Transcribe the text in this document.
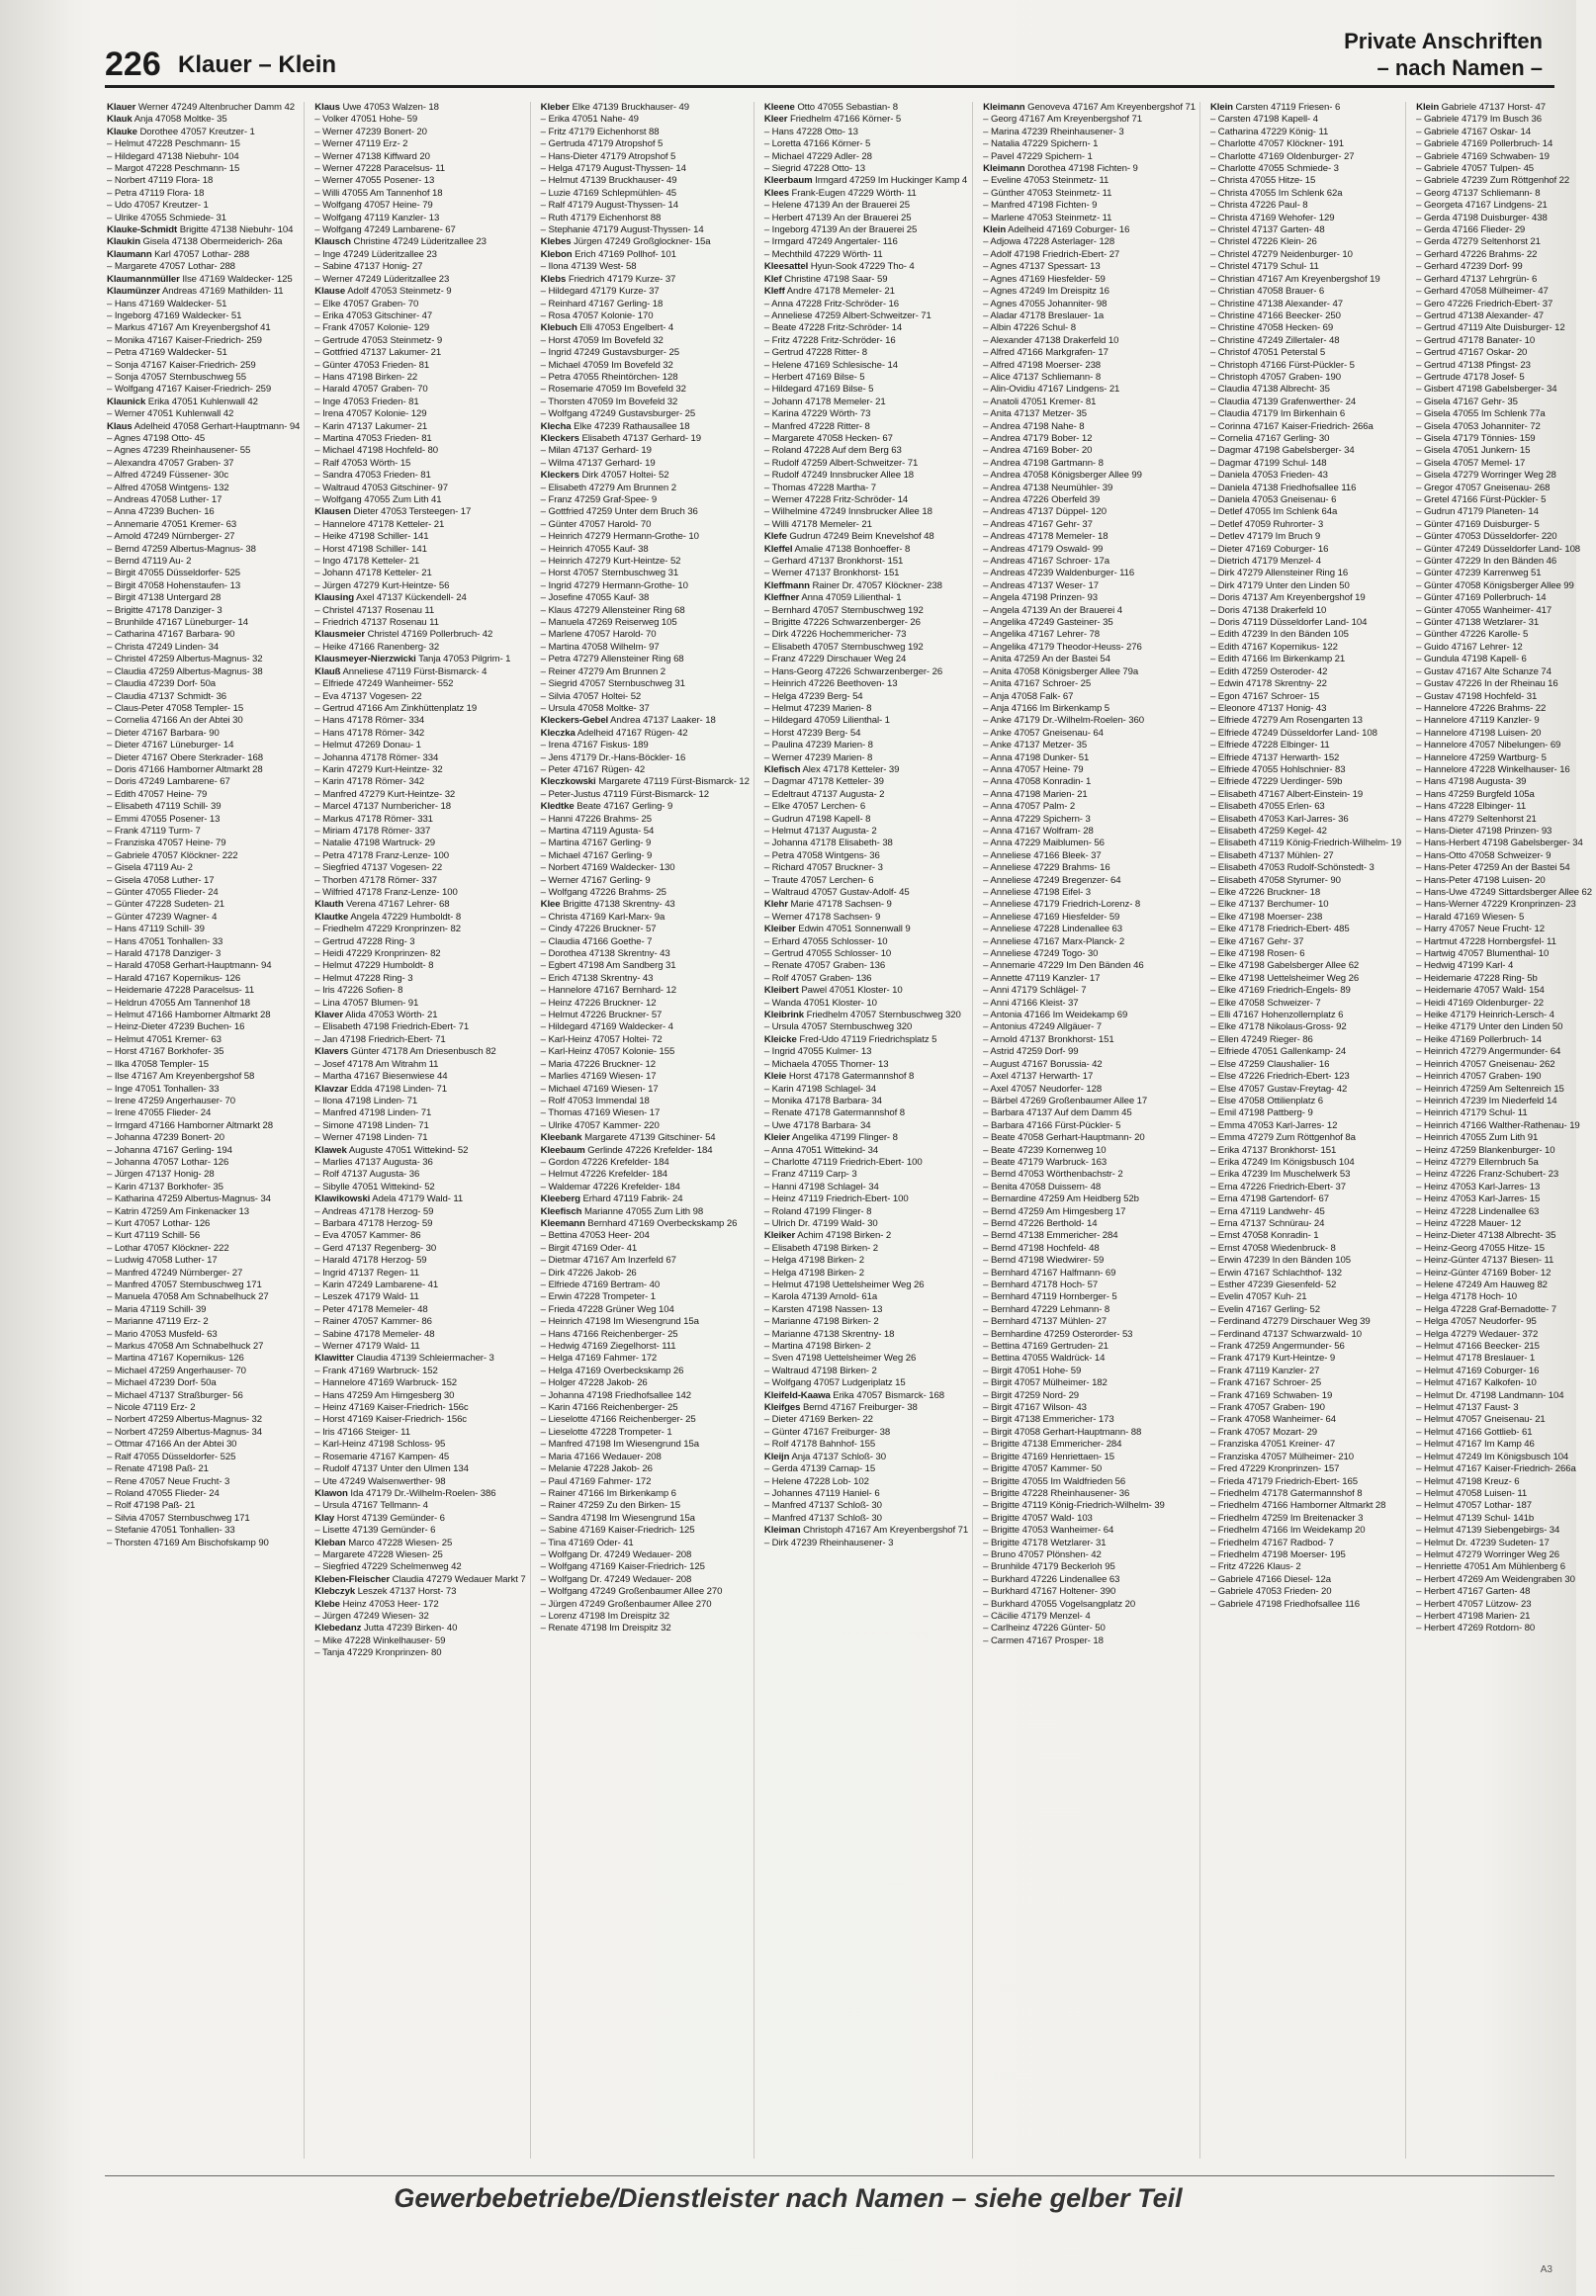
226 Klauer – Klein
Private Anschriften
– nach Namen –
Klauer Werner 47249 Altenbrucher Damm 42
Klauk Anja 47058 Moltke- 35
Klauke Dorothee 47057 Kreutzer- 1
– Helmut 47228 Peschmann- 15
– Hildegard 47138 Niebuhr- 104
– Margot 47228 Peschmann- 15
– Norbert 47119 Flora- 18
– Petra 47119 Flora- 18
– Udo 47057 Kreutzer- 1
– Ulrike 47055 Schmiede- 31
Klauke-Schmidt Brigitte 47138 Niebuhr- 104
Klaukin Gisela 47138 Obermeiderich- 26a
Klaumann Karl 47057 Lothar- 288
– Margarete 47057 Lothar- 288
Klaumannmüller Ilse 47169 Waldecker- 125
Klaumünzer Andreas 47169 Mathilden- 11
– Hans 47169 Waldecker- 51
– Ingeborg 47169 Waldecker- 51
– Markus 47167 Am Kreyenbergshof 41
– Monika 47167 Kaiser-Friedrich- 259
– Petra 47169 Waldecker- 51
– Sonja 47167 Kaiser-Friedrich- 259
– Sonja 47057 Sternbuschweg 55
– Wolfgang 47167 Kaiser-Friedrich- 259
Klaunick Erika 47051 Kuhlenwall 42
– Werner 47051 Kuhlenwall 42
Klaus Adelheid 47058 Gerhart-Hauptmann- 94
– Agnes 47198 Otto- 45
– Agnes 47239 Rheinhausener- 55
– Alexandra 47057 Graben- 37
– Alfred 47249 Füssener- 30c
– Alfred 47058 Wintgens- 132
– Andreas 47058 Luther- 17
– Anna 47239 Buchen- 16
– Annemarie 47051 Kremer- 63
– Arnold 47249 Nürnberger- 27
– Bernd 47259 Albertus-Magnus- 38
– Bernd 47119 Au- 2
– Birgit 47055 Düsseldorfer- 525
– Birgit 47058 Hohenstaufen- 13
– Birgit 47138 Untergard 28
– Brigitte 47178 Danziger- 3
– Brunhilde 47167 Lüneburger- 14
– Catharina 47167 Barbara- 90
– Christa 47249 Linden- 34
– Christel 47259 Albertus-Magnus- 32
– Claudia 47259 Albertus-Magnus- 38
– Claudia 47239 Dorf- 50a
– Claudia 47137 Schmidt- 36
– Claus-Peter 47058 Templer- 15
– Cornelia 47166 An der Abtei 30
– Dieter 47167 Barbara- 90
– Dieter 47167 Lüneburger- 14
– Dieter 47167 Obere Sterkrader- 168
– Doris 47166 Hamborner Altmarkt 28
– Doris 47249 Lambarene- 67
– Edith 47057 Heine- 79
– Elisabeth 47119 Schill- 39
– Emmi 47055 Posener- 13
– Frank 47119 Turm- 7
– Franziska 47057 Heine- 79
– Gabriele 47057 Klöckner- 222
– Gisela 47119 Au- 2
– Gisela 47058 Luther- 17
– Günter 47055 Flieder- 24
– Günter 47228 Sudeten- 21
– Günter 47239 Wagner- 4
– Hans 47119 Schill- 39
– Hans 47051 Tonhallen- 33
– Harald 47178 Danziger- 3
– Harald 47058 Gerhart-Hauptmann- 94
– Harald 47167 Kopernikus- 126
– Heidemarie 47228 Paracelsus- 11
– Heldrun 47055 Am Tannenhof 18
– Helmut 47166 Hamborner Altmarkt 28
– Heinz-Dieter 47239 Buchen- 16
– Helmut 47051 Kremer- 63
– Horst 47167 Borkhofer- 35
– Ilka 47058 Templer- 15
– Ilse 47167 Am Kreyenbergshof 58
– Inge 47051 Tonhallen- 33
– Irene 47259 Angerhauser- 70
– Irene 47055 Flieder- 24
– Irmgard 47166 Hamborner Altmarkt 28
– Johanna 47239 Bonert- 20
– Johanna 47167 Gerling- 194
– Johanna 47057 Lothar- 126
– Jürgen 47137 Honig- 28
– Karin 47137 Borkhofer- 35
– Katharina 47259 Albertus-Magnus- 34
– Katrin 47259 Am Finkenacker 13
– Kurt 47057 Lothar- 126
– Kurt 47119 Schill- 56
– Lothar 47057 Klöckner- 222
– Ludwig 47058 Luther- 17
– Manfred 47249 Nürnberger- 27
– Manfred 47057 Sternbuschweg 171
– Manuela 47058 Am Schnabelhuck 27
– Maria 47119 Schill- 39
– Marianne 47119 Erz- 2
– Mario 47053 Musfeld- 63
– Markus 47058 Am Schnabelhuck 27
– Martina 47167 Kopernikus- 126
– Michael 47259 Angerhauser- 70
– Michael 47239 Dorf- 50a
– Michael 47137 Straßburger- 56
– Nicole 47119 Erz- 2
– Norbert 47259 Albertus-Magnus- 32
– Norbert 47259 Albertus-Magnus- 34
– Ottmar 47166 An der Abtei 30
– Ralf 47055 Düsseldorfer- 525
– Renate 47198 Paß- 21
– Rene 47057 Neue Frucht- 3
– Roland 47055 Flieder- 24
– Rolf 47198 Paß- 21
– Silvia 47057 Sternbuschweg 171
– Stefanie 47051 Tonhallen- 33
– Thorsten 47169 Am Bischofskamp 90
Klaus Uwe 47053 Walzen- 18
– Volker 47051 Hohe- 59
– Werner 47239 Bonert- 20
– Werner 47119 Erz- 2
– Werner 47138 Kiffward 20
– Werner 47228 Paracelsus- 11
– Werner 47055 Posener- 13
– Willi 47055 Am Tannenhof 18
– Wolfgang 47057 Heine- 79
– Wolfgang 47119 Kanzler- 13
– Wolfgang 47249 Lambarene- 67
Klausch Christine 47249 Lüderitzallee 23
– Inge 47249 Lüderitzallee 23
– Sabine 47137 Honig- 27
– Werner 47249 Lüderitzallee 23
Klause Adolf 47053 Steinmetz- 9
– Elke 47057 Graben- 70
– Erika 47053 Gitschiner- 47
– Frank 47057 Kolonie- 129
– Gertrude 47053 Steinmetz- 9
– Gottfried 47137 Lakumer- 21
– Günter 47053 Frieden- 81
– Hans 47198 Birken- 22
– Harald 47057 Graben- 70
– Inge 47053 Frieden- 81
– Irena 47057 Kolonie- 129
– Karin 47137 Lakumer- 21
– Martina 47053 Frieden- 81
– Michael 47198 Hochfeld- 80
– Ralf 47053 Wörth- 15
– Sandra 47053 Frieden- 81
– Waltraud 47053 Gitschiner- 97
– Wolfgang 47055 Zum Lith 41
Klausen Dieter 47053 Tersteegen- 17
– Hannelore 47178 Ketteler- 21
– Heike 47198 Schiller- 141
– Horst 47198 Schiller- 141
– Ingo 47178 Ketteler- 21
– Johann 47178 Ketteler- 21
– Jürgen 47279 Kurt-Heintze- 56
Klausing Axel 47137 Kückendell- 24
– Christel 47137 Rosenau 11
– Friedrich 47137 Rosenau 11
Klausmeier Christel 47169 Pollerbruch- 42
– Heike 47166 Ranenberg- 32
Klausmeyer-Nierzwicki Tanja 47053 Pilgrim- 1
Klauß Anneliese 47119 Fürst-Bismarck- 4
– Elfriede 47249 Wanheimer- 552
– Eva 47137 Vogesen- 22
– Gertrud 47166 Am Zinkhüttenplatz 19
– Hans 47178 Römer- 334
– Hans 47178 Römer- 342
– Helmut 47269 Donau- 1
– Johanna 47178 Römer- 334
– Karin 47279 Kurt-Heintze- 32
– Karin 47178 Römer- 342
– Manfred 47279 Kurt-Heintze- 32
– Marcel 47137 Nurnbericher- 18
– Markus 47178 Römer- 331
– Miriam 47178 Römer- 337
– Natalie 47198 Wartruck- 29
– Petra 47178 Franz-Lenze- 100
– Siegfried 47137 Vogesen- 22
– Thorben 47178 Römer- 337
– Wilfried 47178 Franz-Lenze- 100
Klauth Verena 47167 Lehrer- 68
Klautke Angela 47229 Humboldt- 8
– Friedhelm 47229 Kronprinzen- 82
– Gertrud 47228 Ring- 3
– Heidi 47229 Kronprinzen- 82
– Helmut 47229 Humboldt- 8
– Helmut 47228 Ring- 3
– Iris 47226 Sofien- 8
– Lina 47057 Blumen- 91
Klaver Alida 47053 Wörth- 21
– Elisabeth 47198 Friedrich-Ebert- 71
– Jan 47198 Friedrich-Ebert- 71
Klavers Günter 47178 Am Driesenbusch 82
– Josef 47178 Am Witrahm 11
– Martha 47167 Biesenwiese 44
Klavzar Edda 47198 Linden- 71
– Ilona 47198 Linden- 71
– Manfred 47198 Linden- 71
– Simone 47198 Linden- 71
– Werner 47198 Linden- 71
Klawek Auguste 47051 Wittekind- 52
– Marlies 47137 Augusta- 36
– Rolf 47137 Augusta- 36
– Sibylle 47051 Wittekind- 52
Klawikowski Adela 47179 Wald- 11
– Andreas 47178 Herzog- 59
– Barbara 47178 Herzog- 59
– Eva 47057 Kammer- 86
– Gerd 47137 Regenberg- 30
– Harald 47178 Herzog- 59
– Ingrid 47137 Regen- 11
– Karin 47249 Lambarene- 41
– Leszek 47179 Wald- 11
– Peter 47178 Memeler- 48
– Rainer 47057 Kammer- 86
– Sabine 47178 Memeler- 48
– Werner 47179 Wald- 11
Klawitter Claudia 47139 Schleiermacher- 3
– Frank 47169 Warbruck- 152
– Hannelore 47169 Warbruck- 152
– Hans 47259 Am Himgesberg 30
– Heinz 47169 Kaiser-Friedrich- 156c
– Horst 47169 Kaiser-Friedrich- 156c
– Iris 47166 Steiger- 11
– Karl-Heinz 47198 Schloss- 95
– Rosemarie 47167 Kampen- 45
– Rudolf 47137 Unter den Ulmen 134
– Ute 47249 Walsenwerther- 98
Klawon Ida 47179 Dr.-Wilhelm-Roelen- 386
– Ursula 47167 Tellmann- 4
Klay Horst 47139 Gemünder- 6
– Lisette 47139 Gemünder- 6
Kleban Marco 47228 Wiesen- 25
– Margarete 47228 Wiesen- 25
– Siegfried 47229 Schelmenweg 42
Kleben-Fleischer Claudia 47279 Wedauer Markt 7
Klebczyk Leszek 47137 Horst- 73
Klebe Heinz 47053 Heer- 172
– Jürgen 47249 Wiesen- 32
Klebedanz Jutta 47239 Birken- 40
– Mike 47228 Winkelhauser- 59
– Tanja 47229 Kronprinzen- 80
Kleber Elke 47139 Bruckhauser- 49
– Erika 47051 Nahe- 49
– Fritz 47179 Eichenhorst 88
– Gertruda 47179 Atropshof 5
– Hans-Dieter 47179 Atropshof 5
– Helga 47179 August-Thyssen- 14
– Helmut 47139 Bruckhauser- 49
– Luzie 47169 Schlepmühlen- 45
– Ralf 47179 August-Thyssen- 14
– Ruth 47179 Eichenhorst 88
– Stephanie 47179 August-Thyssen- 14
Klebes Jürgen 47249 Großglockner- 15a
Klebon Erich 47169 Pollhof- 101
– Ilona 47139 West- 58
Klebs Friedrich 47179 Kurze- 37
– Hildegard 47179 Kurze- 37
– Reinhard 47167 Gerling- 18
– Rosa 47057 Kolonie- 170
Klebuch Elli 47053 Engelbert- 4
– Horst 47059 Im Bovefeld 32
– Ingrid 47249 Gustavsburger- 25
– Michael 47059 Im Bovefeld 32
– Petra 47055 Rheintörchen- 128
– Rosemarie 47059 Im Bovefeld 32
– Thorsten 47059 Im Bovefeld 32
– Wolfgang 47249 Gustavsburger- 25
Klecha Elke 47239 Rathausallee 18
Kleckers Elisabeth 47137 Gerhard- 19
– Milan 47137 Gerhard- 19
– Wilma 47137 Gerhard- 19
Kleckers Dirk 47057 Holtei- 52
– Elisabeth 47279 Am Brunnen 2
– Franz 47259 Graf-Spee- 9
– Gottfried 47259 Unter dem Bruch 36
– Günter 47057 Harold- 70
– Heinrich 47279 Hermann-Grothe- 10
– Heinrich 47055 Kauf- 38
– Heinrich 47279 Kurt-Heintze- 52
– Horst 47057 Sternbuschweg 31
– Ingrid 47279 Hermann-Grothe- 10
– Josefine 47055 Kauf- 38
– Klaus 47279 Allensteiner Ring 68
– Manuela 47269 Reiserweg 105
– Marlene 47057 Harold- 70
– Martina 47058 Wilhelm- 97
– Petra 47279 Allensteiner Ring 68
– Reiner 47279 Am Brunnen 2
– Siegrid 47057 Sternbuschweg 31
– Silvia 47057 Holtei- 52
– Ursula 47058 Moltke- 37
Kleckers-Gebel Andrea 47137 Laaker- 18
Kleczka Adelheid 47167 Rügen- 42
– Irena 47167 Fiskus- 189
– Jens 47179 Dr.-Hans-Böckler- 16
– Peter 47167 Rügen- 42
Kleczkowski Margarete 47119 Fürst-Bismarck- 12
– Peter-Justus 47119 Fürst-Bismarck- 12
Kledtke Beate 47167 Gerling- 9
– Hanni 47226 Brahms- 25
– Martina 47119 Agusta- 54
– Martina 47167 Gerling- 9
– Michael 47167 Gerling- 9
– Norbert 47169 Waldecker- 130
– Werner 47167 Gerling- 9
– Wolfgang 47226 Brahms- 25
Klee Brigitte 47138 Skrentny- 43
– Christa 47169 Karl-Marx- 9a
– Cindy 47226 Bruckner- 57
– Claudia 47166 Goethe- 7
– Dorothea 47138 Skrentny- 43
– Egbert 47198 Am Sandberg 31
– Erich 47138 Skrentny- 43
– Hannelore 47167 Bernhard- 12
– Heinz 47226 Bruckner- 12
– Helmut 47226 Bruckner- 57
– Hildegard 47169 Waldecker- 4
– Karl-Heinz 47057 Holtei- 72
– Karl-Heinz 47057 Kolonie- 155
– Maria 47226 Bruckner- 12
– Marlies 47169 Wiesen- 17
– Michael 47169 Wiesen- 17
– Rolf 47053 Immendal 18
– Thomas 47169 Wiesen- 17
– Ulrike 47057 Kammer- 220
Kleebank Margarete 47139 Gitschiner- 54
Kleebaum Gerlinde 47226 Krefelder- 184
– Gordon 47226 Krefelder- 184
– Helmut 47226 Krefelder- 184
– Waldemar 47226 Krefelder- 184
Kleeberg Erhard 47119 Fabrik- 24
Kleefisch Marianne 47055 Zum Lith 98
Kleemann Bernhard 47169 Overbeckskamp 26
– Bettina 47053 Heer- 204
– Birgit 47169 Oder- 41
– Dietmar 47167 Am Inzerfeld 67
– Dirk 47226 Jakob- 26
– Elfriede 47169 Bertram- 40
– Erwin 47228 Trompeter- 1
– Frieda 47228 Grüner Weg 104
– Heinrich 47198 Im Wiesengrund 15a
– Hans 47166 Reichenberger- 25
– Hedwig 47169 Ziegelhorst- 111
– Helga 47169 Fahmer- 172
– Helga 47169 Overbeckskamp 26
– Holger 47228 Jakob- 26
– Johanna 47198 Friedhofsallee 142
– Karin 47166 Reichenberger- 25
– Lieselotte 47166 Reichenberger- 25
– Lieselotte 47228 Trompeter- 1
– Manfred 47198 Im Wiesengrund 15a
– Maria 47166 Wedauer- 208
– Melanie 47228 Jakob- 26
– Paul 47169 Fahmer- 172
– Rainer 47166 Im Birkenkamp 6
– Rainer 47259 Zu den Birken- 15
– Sandra 47198 Im Wiesengrund 15a
– Sabine 47169 Kaiser-Friedrich- 125
– Tina 47169 Oder- 41
– Wolfgang Dr. 47249 Wedauer- 208
– Wolfgang 47169 Kaiser-Friedrich- 125
– Wolfgang Dr. 47249 Wedauer- 208
– Wolfgang 47249 Großenbaumer Allee 270
– Jürgen 47249 Großenbaumer Allee 270
– Lorenz 47198 Im Dreispitz 32
– Renate 47198 Im Dreispitz 32
Kleene Otto 47055 Sebastian- 8
Kleer Friedhelm 47166 Körner- 5
– Hans 47228 Otto- 13
– Loretta 47166 Körner- 5
– Michael 47229 Adler- 28
– Siegrid 47228 Otto- 13
Kleerbaum Irmgard 47259 Im Huckinger Kamp 4
Klees Frank-Eugen 47229 Wörth- 11
– Helene 47139 An der Brauerei 25
– Herbert 47139 An der Brauerei 25
– Ingeborg 47139 An der Brauerei 25
– Irmgard 47249 Angertaler- 116
– Mechthild 47229 Wörth- 11
Kleesattel Hyun-Sook 47229 Tho- 4
Klef Christine 47198 Saar- 59
Kleff Andre 47178 Memeler- 21
– Anna 47228 Fritz-Schröder- 16
– Anneliese 47259 Albert-Schweitzer- 71
– Beate 47228 Fritz-Schröder- 14
– Fritz 47228 Fritz-Schröder- 16
– Gertrud 47228 Ritter- 8
– Helene 47169 Schlesische- 14
– Herbert 47169 Bilse- 5
– Hildegard 47169 Bilse- 5
– Johann 47178 Memeler- 21
– Karina 47229 Wörth- 73
– Manfred 47228 Ritter- 8
– Margarete 47058 Hecken- 67
– Roland 47228 Auf dem Berg 63
– Rudolf 47259 Albert-Schweitzer- 71
– Rudolf 47249 Innsbrucker Allee 18
– Thomas 47228 Martha- 7
– Werner 47228 Fritz-Schröder- 14
– Wilhelmine 47249 Innsbrucker Allee 18
– Willi 47178 Memeler- 21
Klefe Gudrun 47249 Beim Knevelshof 48
Kleffel Amalie 47138 Bonhoeffer- 8
– Gerhard 47137 Bronkhorst- 151
– Werner 47137 Bronkhorst- 151
Kleffmann Rainer Dr. 47057 Klöckner- 238
Kleffner Anna 47059 Lilienthal- 1
– Bernhard 47057 Sternbuschweg 192
– Brigitte 47226 Schwarzenberger- 26
– Dirk 47226 Hochemmericher- 73
– Elisabeth 47057 Sternbuschweg 192
– Franz 47229 Dirschauer Weg 24
– Hans-Georg 47226 Schwarzenberger- 26
– Heinrich 47226 Beethoven- 13
– Helga 47239 Berg- 54
– Helmut 47239 Marien- 8
– Hildegard 47059 Lilienthal- 1
– Horst 47239 Berg- 54
– Paulina 47239 Marien- 8
– Werner 47239 Marien- 8
Klefisch Alex 47178 Ketteler- 39
– Dagmar 47178 Ketteler- 39
– Edeltraut 47137 Augusta- 2
– Elke 47057 Lerchen- 6
– Gudrun 47198 Kapell- 8
– Helmut 47137 Augusta- 2
– Johanna 47178 Elisabeth- 38
– Petra 47058 Wintgens- 36
– Richard 47057 Bruckner- 3
– Traute 47057 Lerchen- 6
– Waltraud 47057 Gustav-Adolf- 45
Klehr Marie 47178 Sachsen- 9
– Werner 47178 Sachsen- 9
Kleiber Edwin 47051 Sonnenwall 9
– Erhard 47055 Schlosser- 10
– Gertrud 47055 Schlosser- 10
– Renate 47057 Graben- 136
– Rolf 47057 Graben- 136
Kleibert Pawel 47051 Kloster- 10
– Wanda 47051 Kloster- 10
Kleibrink Friedhelm 47057 Sternbuschweg 320
– Ursula 47057 Sternbuschweg 320
Kleicke Fred-Udo 47119 Friedrichsplatz 5
– Ingrid 47055 Kulmer- 13
– Michaela 47055 Thorner- 13
Kleie Horst 47178 Gatermannshof 8
– Karin 47198 Schlagel- 34
– Monika 47178 Barbara- 34
– Renate 47178 Gatermannshof 8
– Uwe 47178 Barbara- 34
Kleier Angelika 47199 Flinger- 8
– Anna 47051 Wittekind- 34
– Charlotte 47119 Friedrich-Ebert- 100
– Franz 47119 Carp- 3
– Hanni 47198 Schlagel- 34
– Heinz 47119 Friedrich-Ebert- 100
– Roland 47199 Flinger- 8
– Ulrich Dr. 47199 Wald- 30
Kleiker Achim 47198 Birken- 2
– Elisabeth 47198 Birken- 2
– Helga 47198 Birken- 2
– Helga 47198 Birken- 2
– Helmut 47198 Uettelsheimer Weg 26
– Karola 47139 Arnold- 61a
– Karsten 47198 Nassen- 13
– Marianne 47198 Birken- 2
– Marianne 47138 Skrentny- 18
– Martina 47198 Birken- 2
– Sven 47198 Uettelsheimer Weg 26
– Waltraud 47198 Birken- 2
– Wolfgang 47057 Ludgeriplatz 15
Kleifeld-Kaawa Erika 47057 Bismarck- 168
Kleifges Bernd 47167 Freiburger- 38
– Dieter 47169 Berken- 22
– Günter 47167 Freiburger- 38
– Rolf 47178 Bahnhof- 155
Kleijn Anja 47137 Schloß- 30
– Gerda 47139 Carnap- 15
– Helene 47228 Lob- 102
– Johannes 47119 Haniel- 6
– Manfred 47137 Schloß- 30
– Manfred 47137 Schloß- 30
Kleiman Christoph 47167 Am Kreyenbergshof 71
– Dirk 47239 Rheinhausener- 3
Kleimann Genoveva 47167 Am Kreyenbergshof 71
– Georg 47167 Am Kreyenbergshof 71
– Marina 47239 Rheinhausener- 3
– Natalia 47229 Spichern- 1
– Pavel 47229 Spichern- 1
Kleimann Dorothea 47198 Fichten- 9
– Eveline 47053 Steinmetz- 11
– Günther 47053 Steinmetz- 11
– Manfred 47198 Fichten- 9
– Marlene 47053 Steinmetz- 11
Klein Adelheid 47169 Coburger- 16
– Adjowa 47228 Asterlager- 128
– Adolf 47198 Friedrich-Ebert- 27
– Agnes 47137 Spessart- 13
– Agnes 47169 Hiesfelder- 59
– Agnes 47249 Im Dreispitz 16
– Agnes 47055 Johanniter- 98
– Aladar 47178 Breslauer- 1a
– Albin 47226 Schul- 8
– Alexander 47138 Drakerfeld 10
– Alfred 47166 Markgrafen- 17
– Alfred 47198 Moerser- 238
– Alice 47137 Schliemann- 8
– Alin-Ovidiu 47167 Lindgens- 21
– Anatoli 47051 Kremer- 81
– Anita 47137 Metzer- 35
– Andrea 47198 Nahe- 8
– Andrea 47179 Bober- 12
– Andrea 47169 Bober- 20
– Andrea 47198 Gartmann- 8
– Andrea 47058 Königsberger Allee 99
– Andrea 47138 Neumühler- 39
– Andrea 47226 Oberfeld 39
– Andreas 47137 Düppel- 120
– Andreas 47167 Gehr- 37
– Andreas 47178 Memeler- 18
– Andreas 47179 Oswald- 99
– Andreas 47167 Schroer- 17a
– Andreas 47239 Waldenburger- 116
– Andreas 47137 Weser- 17
– Angela 47198 Prinzen- 93
– Angela 47139 An der Brauerei 4
– Angelika 47249 Gasteiner- 35
– Angelika 47167 Lehrer- 78
– Angelika 47179 Theodor-Heuss- 276
– Anita 47259 An der Bastei 54
– Anita 47058 Königsberger Allee 79a
– Anita 47167 Schroer- 25
– Anja 47058 Falk- 67
– Anja 47166 Im Birkenkamp 5
– Anke 47179 Dr.-Wilhelm-Roelen- 360
– Anke 47057 Gneisenau- 64
– Anke 47137 Metzer- 35
– Anna 47198 Dunker- 51
– Anna 47057 Heine- 79
– Anna 47058 Konradin- 1
– Anna 47198 Marien- 21
– Anna 47057 Palm- 2
– Anna 47229 Spichern- 3
– Anna 47167 Wolfram- 28
– Anna 47229 Maiblumen- 56
– Anneliese 47166 Bleek- 37
– Anneliese 47229 Brahms- 16
– Anneliese 47249 Bregenzer- 64
– Anneliese 47198 Eifel- 3
– Anneliese 47179 Friedrich-Lorenz- 8
– Anneliese 47169 Hiesfelder- 59
– Anneliese 47228 Lindenallee 63
– Anneliese 47167 Marx-Planck- 2
– Anneliese 47249 Togo- 30
– Annemarie 47229 Im Den Bänden 46
– Annette 47119 Kanzler- 17
– Anni 47179 Schlägel- 7
– Anni 47166 Kleist- 37
– Antonia 47166 Im Weidekamp 69
– Antonius 47249 Allgäuer- 7
– Arnold 47137 Bronkhorst- 151
– Astrid 47259 Dorf- 99
– August 47167 Borussia- 42
– Axel 47137 Herwarth- 17
– Axel 47057 Neudorfer- 128
– Bärbel 47269 Großenbaumer Allee 17
– Barbara 47137 Auf dem Damm 45
– Barbara 47166 Fürst-Pückler- 5
– Beate 47058 Gerhart-Hauptmann- 20
– Beate 47239 Kornenweg 10
– Beate 47179 Warbruck- 163
– Bernd 47053 Wörthenbachstr- 2
– Benita 47058 Duissern- 48
– Bernardine 47259 Am Heidberg 52b
– Bernd 47259 Am Himgesberg 17
– Bernd 47226 Berthold- 14
– Bernd 47138 Emmericher- 284
– Bernd 47198 Hochfeld- 48
– Bernd 47198 Wiedwirer- 59
– Bernhard 47167 Halfmann- 69
– Bernhard 47178 Hoch- 57
– Bernhard 47119 Hornberger- 5
– Bernhard 47229 Lehmann- 8
– Bernhard 47137 Mühlen- 27
– Bernhardine 47259 Osterorder- 53
– Bettina 47169 Gertruden- 21
– Bettina 47055 Waldrück- 14
– Birgit 47051 Hohe- 59
– Birgit 47057 Mülheimer- 182
– Birgit 47259 Nord- 29
– Birgit 47167 Wilson- 43
– Birgit 47138 Emmericher- 173
– Birgit 47058 Gerhart-Hauptmann- 88
– Brigitte 47138 Emmericher- 284
– Brigitte 47169 Henriettaen- 15
– Brigitte 47057 Kammer- 50
– Brigitte 47055 Im Waldfrieden 56
– Brigitte 47228 Rheinhausener- 36
– Brigitte 47119 König-Friedrich-Wilhelm- 39
– Brigitte 47057 Wald- 103
– Brigitte 47053 Wanheimer- 64
– Brigitte 47178 Wetzlarer- 31
– Bruno 47057 Plönshen- 42
– Brunhilde 47179 Beckerloh 95
– Burkhard 47226 Lindenallee 63
– Burkhard 47167 Holtener- 390
– Burkhard 47055 Vogelsangplatz 20
– Cäcilie 47179 Menzel- 4
– Carlheinz 47226 Günter- 50
– Carmen 47167 Prosper- 18
Klein Carsten 47119 Friesen- 6
– Carsten 47198 Kapell- 4
– Catharina 47229 König- 11
– Charlotte 47057 Klöckner- 191
– Charlotte 47169 Oldenburger- 27
– Charlotte 47055 Schmiede- 3
– Christa 47055 Hitze- 15
– Christa 47055 Im Schlenk 62a
– Christa 47226 Paul- 8
– Christa 47169 Wehofer- 129
– Christel 47137 Garten- 48
– Christel 47226 Klein- 26
– Christel 47279 Neidenburger- 10
– Christel 47179 Schul- 11
– Christian 47167 Am Kreyenbergshof 19
– Christian 47058 Brauer- 6
– Christine 47138 Alexander- 47
– Christine 47166 Beecker- 250
– Christine 47058 Hecken- 69
– Christine 47249 Zillertaler- 48
– Christof 47051 Peterstal 5
– Christoph 47166 Fürst-Pückler- 5
– Christoph 47057 Graben- 190
– Claudia 47138 Albrecht- 35
– Claudia 47139 Grafenwerther- 24
– Claudia 47179 Im Birkenhain 6
– Corinna 47167 Kaiser-Friedrich- 266a
– Cornelia 47167 Gerling- 30
– Dagmar 47198 Gabelsberger- 34
– Dagmar 47199 Schul- 148
– Daniela 47053 Frieden- 43
– Daniela 47138 Friedhofsallee 116
– Daniela 47053 Gneisenau- 6
– Detlef 47055 Im Schlenk 64a
– Detlef 47059 Ruhrorter- 3
– Detlev 47179 Im Bruch 9
– Dieter 47169 Coburger- 16
– Dietrich 47179 Menzel- 4
– Dirk 47279 Allensteiner Ring 16
– Dirk 47179 Unter den Linden 50
– Doris 47137 Am Kreyenbergshof 19
– Doris 47138 Drakerfeld 10
– Doris 47119 Düsseldorfer Land- 104
– Edith 47239 In den Bänden 105
– Edith 47167 Kopernikus- 122
– Edith 47166 Im Birkenkamp 21
– Edith 47259 Osteroder- 42
– Edwin 47178 Skrentny- 22
– Egon 47167 Schroer- 15
– Eleonore 47137 Honig- 43
– Elfriede 47279 Am Rosengarten 13
– Elfriede 47249 Düsseldorfer Land- 108
– Elfriede 47228 Elbinger- 11
– Elfriede 47137 Herwarth- 152
– Elfriede 47055 Hohlschnier- 83
– Elfriede 47229 Uerdinger- 59b
– Elisabeth 47167 Albert-Einstein- 19
– Elisabeth 47055 Erlen- 63
– Elisabeth 47053 Karl-Jarres- 36
– Elisabeth 47259 Kegel- 42
– Elisabeth 47119 König-Friedrich-Wilhelm- 19
– Elisabeth 47137 Mühlen- 27
– Elisabeth 47053 Rudolf-Schönstedt- 3
– Elisabeth 47058 Styrumer- 90
– Elke 47226 Bruckner- 18
– Elke 47137 Berchumer- 10
– Elke 47198 Moerser- 238
– Elke 47178 Friedrich-Ebert- 485
– Elke 47167 Gehr- 37
– Elke 47198 Rosen- 6
– Elke 47198 Gabelsberger Allee 62
– Elke 47198 Uettelsheimer Weg 26
– Elke 47169 Friedrich-Engels- 89
– Elke 47058 Schweizer- 7
– Elli 47167 Hohenzollernplatz 6
– Elke 47178 Nikolaus-Gross- 92
– Ellen 47249 Rieger- 86
– Elfriede 47051 Gallenkamp- 24
– Else 47259 Claushalier- 16
– Else 47226 Friedrich-Ebert- 123
– Else 47057 Gustav-Freytag- 42
– Else 47058 Ottilienplatz 6
– Emil 47198 Pattberg- 9
– Emma 47053 Karl-Jarres- 12
– Emma 47279 Zum Röttgenhof 8a
– Erika 47137 Bronkhorst- 151
– Erika 47249 Im Königsbusch 104
– Erika 47239 Im Muschelwerk 53
– Erna 47226 Friedrich-Ebert- 37
– Erna 47198 Gartendorf- 67
– Erna 47119 Landwehr- 45
– Erna 47137 Schnürau- 24
– Ernst 47058 Konradin- 1
– Ernst 47058 Wiedenbruck- 8
– Erwin 47239 In den Bänden 105
– Erwin 47167 Schlachthof- 132
– Esther 47239 Giesenfeld- 52
– Evelin 47057 Kuh- 21
– Evelin 47167 Gerling- 52
– Ferdinand 47279 Dirschauer Weg 39
– Ferdinand 47137 Schwarzwald- 10
– Frank 47259 Angermunder- 56
– Frank 47179 Kurt-Heintze- 9
– Frank 47119 Kanzler- 27
– Frank 47167 Schroer- 25
– Frank 47169 Schwaben- 19
– Frank 47057 Graben- 190
– Frank 47058 Wanheimer- 64
– Frank 47057 Mozart- 29
– Franziska 47051 Kreiner- 47
– Franziska 47057 Mülheimer- 210
– Fred 47229 Kronprinzen- 157
– Frieda 47179 Friedrich-Ebert- 165
– Friedhelm 47178 Gatermannshof 8
– Friedhelm 47166 Hamborner Altmarkt 28
– Friedhelm 47259 Im Breitenacker 3
– Friedhelm 47166 Im Weidekamp 20
– Friedhelm 47167 Radbod- 7
– Friedhelm 47198 Moerser- 195
– Fritz 47226 Klaus- 2
– Gabriele 47166 Diesel- 12a
– Gabriele 47053 Frieden- 20
– Gabriele 47198 Friedhofsallee 116
Klein Gabriele 47137 Horst- 47
– Gabriele 47179 Im Busch 36
– Gabriele 47167 Oskar- 14
– Gabriele 47169 Pollerbruch- 14
– Gabriele 47169 Schwaben- 19
– Gabriele 47057 Tulpen- 45
– Gabriele 47239 Zum Röttgenhof 22
– Georg 47137 Schliemann- 8
– Georgeta 47167 Lindgens- 21
– Gerda 47198 Duisburger- 438
– Gerda 47166 Flieder- 29
– Gerda 47279 Seltenhorst 21
– Gerhard 47226 Brahms- 22
– Gerhard 47239 Dorf- 99
– Gerhard 47137 Lehrgrün- 6
– Gerhard 47058 Mülheimer- 47
– Gero 47226 Friedrich-Ebert- 37
– Gertrud 47138 Alexander- 47
– Gertrud 47119 Alte Duisburger- 12
– Gertrud 47178 Banater- 10
– Gertrud 47167 Oskar- 20
– Gertrud 47138 Pfingst- 23
– Gertrude 47178 Josef- 5
– Gisbert 47198 Gabelsberger- 34
– Gisela 47167 Gehr- 35
– Gisela 47055 Im Schlenk 77a
– Gisela 47053 Johanniter- 72
– Gisela 47179 Tönnies- 159
– Gisela 47051 Junkern- 15
– Gisela 47057 Memel- 17
– Gisela 47279 Worringer Weg 28
– Gregor 47057 Gneisenau- 268
– Gretel 47166 Fürst-Pückler- 5
– Gudrun 47179 Planeten- 14
– Günter 47169 Duisburger- 5
– Günter 47053 Düsseldorfer- 220
– Günter 47249 Düsseldorfer Land- 108
– Günter 47229 In den Bänden 46
– Günter 47239 Karrenweg 51
– Günter 47058 Königsberger Allee 99
– Günter 47169 Pollerbruch- 14
– Günter 47055 Wanheimer- 417
– Günter 47138 Wetzlarer- 31
– Günther 47226 Karolle- 5
– Guido 47167 Lehrer- 12
– Gundula 47198 Kapell- 6
– Gustav 47167 Alte Schanze 74
– Gustav 47226 In der Rheinau 16
– Gustav 47198 Hochfeld- 31
– Hannelore 47226 Brahms- 22
– Hannelore 47119 Kanzler- 9
– Hannelore 47198 Luisen- 20
– Hannelore 47057 Nibelungen- 69
– Hannelore 47259 Wartburg- 5
– Hannelore 47228 Winkelhauser- 16
– Hans 47198 Augusta- 39
– Hans 47259 Burgfeld 105a
– Hans 47228 Elbinger- 11
– Hans 47279 Seltenhorst 21
– Hans-Dieter 47198 Prinzen- 93
– Hans-Herbert 47198 Gabelsberger- 34
– Hans-Otto 47058 Schweizer- 9
– Hans-Peter 47259 An der Bastei 54
– Hans-Peter 47198 Luisen- 20
– Hans-Uwe 47249 Sittardsberger Allee 62
– Hans-Werner 47229 Kronprinzen- 23
– Harald 47169 Wiesen- 5
– Harry 47057 Neue Frucht- 12
– Hartmut 47228 Hornbergsfel- 11
– Hartwig 47057 Blumenthal- 10
– Hedwig 47199 Karl- 4
– Heidemarie 47228 Ring- 5b
– Heidemarie 47057 Wald- 154
– Heidi 47169 Oldenburger- 22
– Heike 47179 Heinrich-Lersch- 4
– Heike 47179 Unter den Linden 50
– Heike 47169 Pollerbruch- 14
– Heinrich 47279 Angermunder- 64
– Heinrich 47057 Gneisenau- 262
– Heinrich 47057 Graben- 190
– Heinrich 47259 Am Seltenreich 15
– Heinrich 47239 Im Niederfeld 14
– Heinrich 47179 Schul- 11
– Heinrich 47166 Walther-Rathenau- 19
– Heinrich 47055 Zum Lith 91
– Heinz 47259 Blankenburger- 10
– Heinz 47279 Ellernbruch 5a
– Heinz 47226 Franz-Schubert- 23
– Heinz 47053 Karl-Jarres- 13
– Heinz 47053 Karl-Jarres- 15
– Heinz 47228 Lindenallee 63
– Heinz 47228 Mauer- 12
– Heinz-Dieter 47138 Albrecht- 35
– Heinz-Georg 47055 Hitze- 15
– Heinz-Günter 47137 Biesen- 11
– Heinz-Günter 47169 Bober- 12
– Helene 47249 Am Hauweg 82
– Helga 47178 Hoch- 10
– Helga 47228 Graf-Bernadotte- 7
– Helga 47057 Neudorfer- 95
– Helga 47279 Wedauer- 372
– Helmut 47166 Beecker- 215
– Helmut 47178 Breslauer- 1
– Helmut 47169 Coburger- 16
– Helmut 47167 Kalkofen- 10
– Helmut Dr. 47198 Landmann- 104
– Helmut 47137 Faust- 3
– Helmut 47057 Gneisenau- 21
– Helmut 47166 Gottlieb- 61
– Helmut 47167 Im Kamp 46
– Helmut 47249 Im Königsbusch 104
– Helmut 47167 Kaiser-Friedrich- 266a
– Helmut 47198 Kreuz- 6
– Helmut 47058 Luisen- 11
– Helmut 47057 Lothar- 187
– Helmut 47139 Schul- 141b
– Helmut 47139 Siebengebirgs- 34
– Helmut Dr. 47239 Sudeten- 17
– Helmut 47279 Worringer Weg 26
– Henriette 47051 Am Mühlenberg 6
– Herbert 47269 Am Weidengraben 30
– Herbert 47167 Garten- 48
– Herbert 47057 Lützow- 23
– Herbert 47198 Marien- 21
– Herbert 47269 Rotdorn- 80
Gewerbebetriebe/Dienstleister nach Namen – siehe gelber Teil
A3
